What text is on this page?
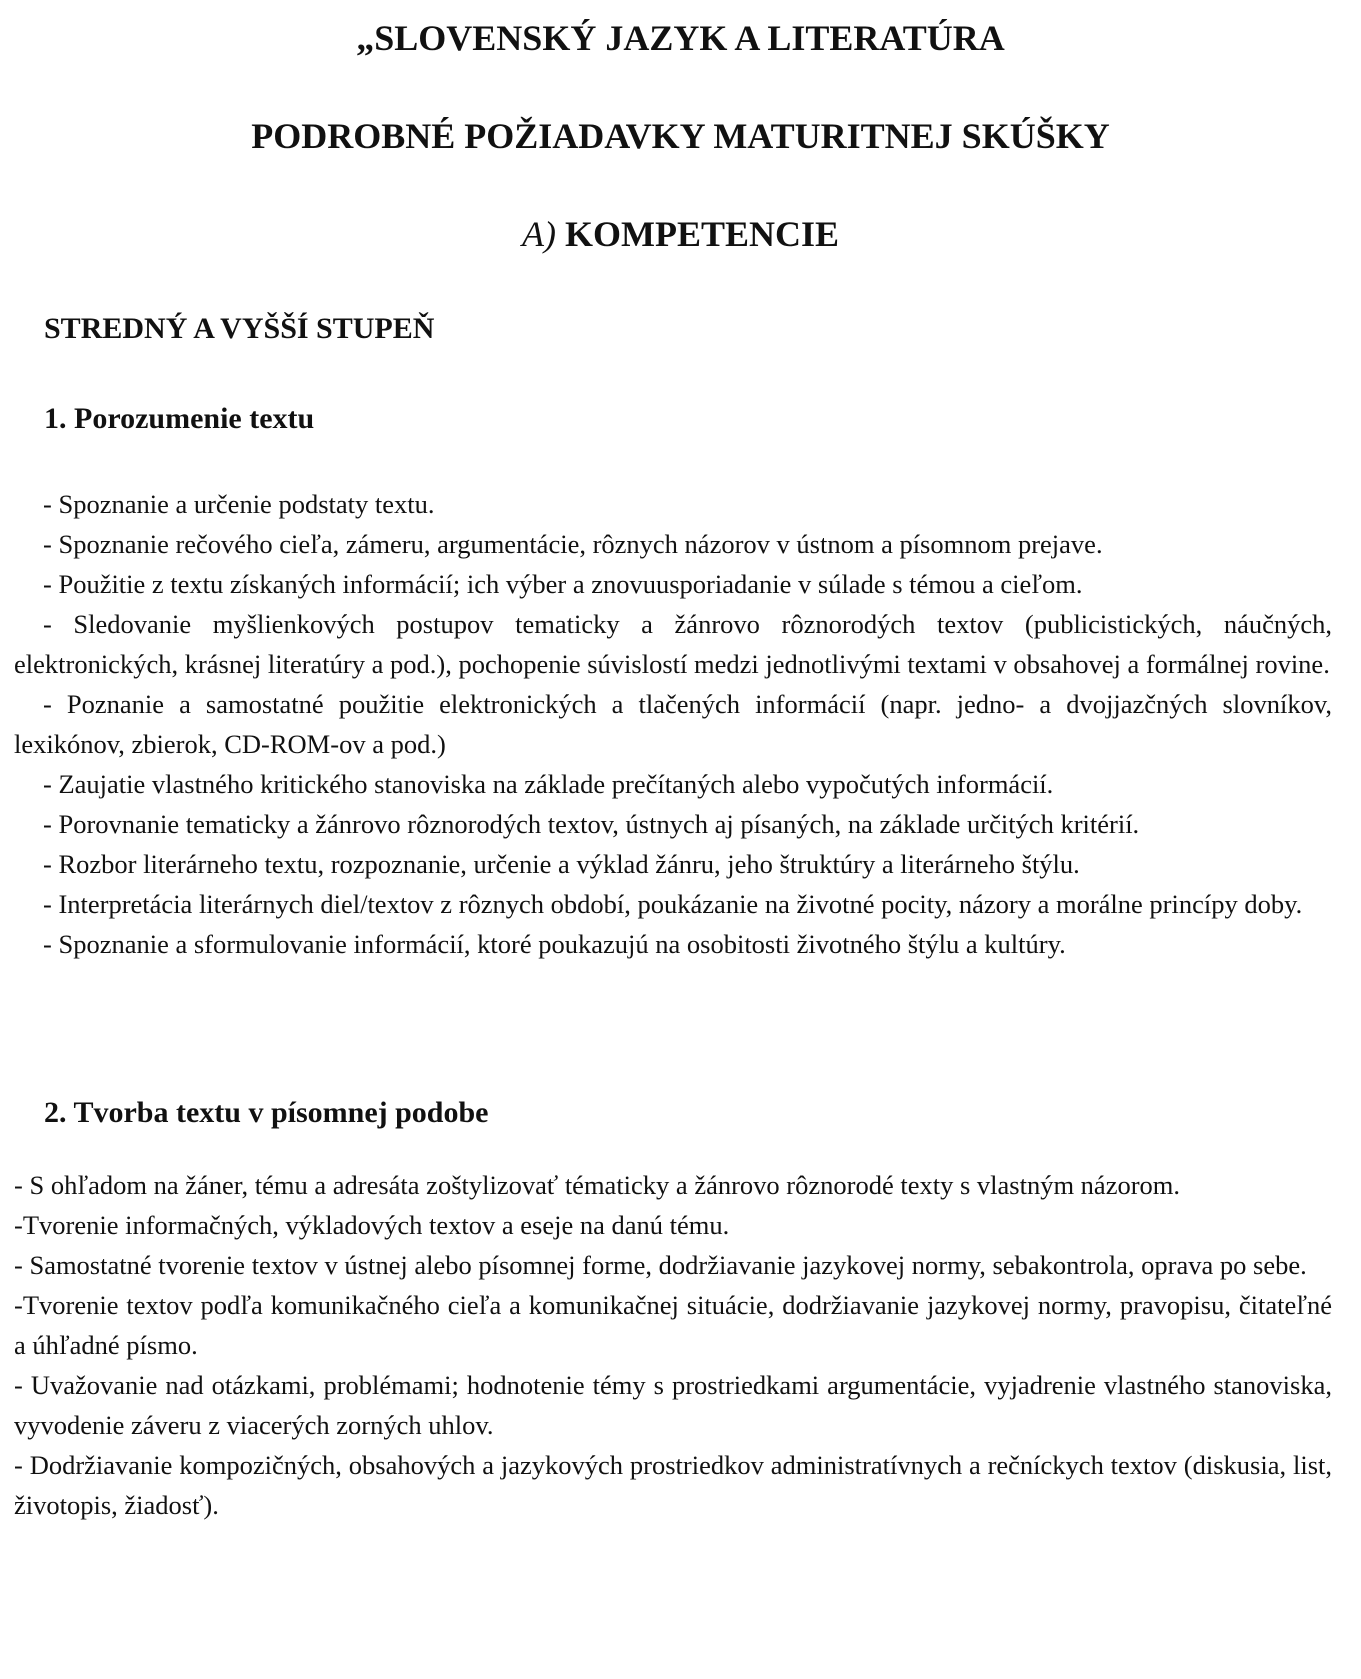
„SLOVENSKÝ JAZYK A LITERATÚRA
PODROBNÉ POŽIADAVKY MATURITNEJ SKÚŠKY
A) KOMPETENCIE
STREDNÝ A VYŠŠÍ STUPEŇ
1. Porozumenie textu
- Spoznanie a určenie podstaty textu.
- Spoznanie rečového cieľa, zámeru, argumentácie, rôznych názorov v ústnom a písomnom prejave.
- Použitie z textu získaných informácií; ich výber a znovuusporiadanie v súlade s témou a cieľom.
- Sledovanie myšlienkových postupov tematicky a žánrovo rôznorodých textov (publicistických, náučných, elektronických, krásnej literatúry a pod.), pochopenie súvislostí medzi jednotlivými textami v obsahovej a formálnej rovine.
- Poznanie a samostatné použitie elektronických a tlačených informácií (napr. jedno- a dvojjazčných slovníkov, lexikónov, zbierok, CD-ROM-ov a pod.)
- Zaujatie vlastného kritického stanoviska na základe prečítaných alebo vypočutých informácií.
- Porovnanie tematicky a žánrovo rôznorodých textov, ústnych aj písaných, na základe určitých kritérií.
- Rozbor literárneho textu, rozpoznanie, určenie a výklad žánru, jeho štruktúry a literárneho štýlu.
- Interpretácia literárnych diel/textov z rôznych období, poukázanie na životné pocity, názory a morálne princípy doby.
- Spoznanie a sformulovanie informácií, ktoré poukazujú na osobitosti životného štýlu a kultúry.
2. Tvorba textu v písomnej podobe
- S ohľadom na žáner, tému a adresáta zoštylizovať tématicky a žánrovo rôznorodé texty s vlastným názorom.
-Tvorenie informačných, výkladových textov a eseje na danú tému.
- Samostatné tvorenie textov v ústnej alebo písomnej forme, dodržiavanie jazykovej normy, sebakontrola, oprava po sebe.
-Tvorenie textov podľa komunikačného cieľa a komunikačnej situácie, dodržiavanie jazykovej normy, pravopisu, čitateľné a úhľadné písmo.
- Uvažovanie nad otázkami, problémami; hodnotenie témy s prostriedkami argumentácie, vyjadrenie vlastného stanoviska, vyvodenie záveru z viacerých zorných uhlov.
- Dodržiavanie kompozičných, obsahových a jazykových prostriedkov administratívnych a rečníckych textov (diskusia, list, životopis, žiadosť).
